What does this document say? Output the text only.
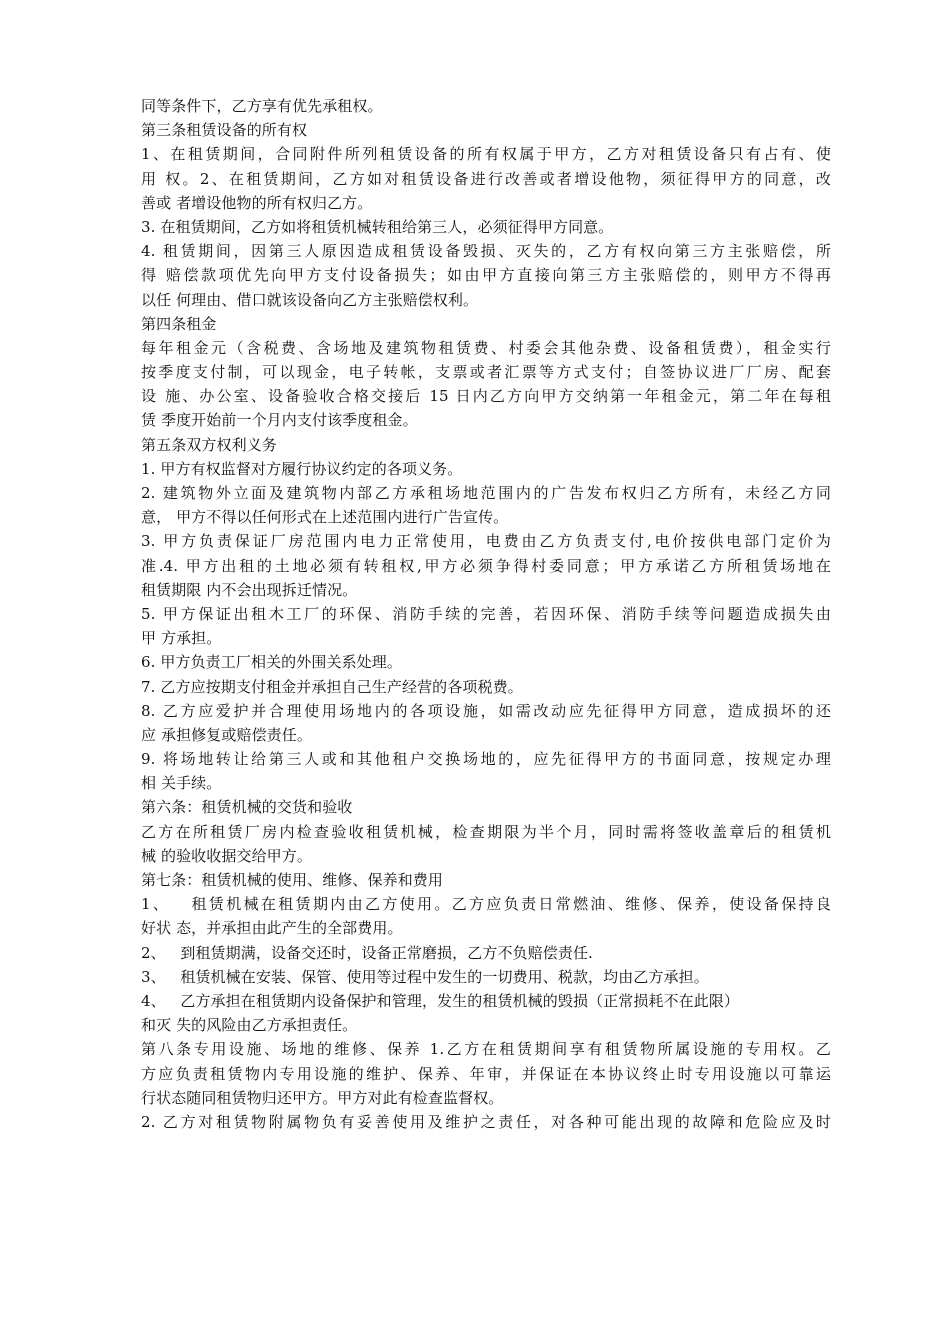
同等条件下，乙方享有优先承租权。
第三条租赁设备的所有权
1、在租赁期间，合同附件所列租赁设备的所有权属于甲方，乙方对租赁设备只有占有、使
用 权。2、在租赁期间，乙方如对租赁设备进行改善或者增设他物，须征得甲方的同意，改
善或 者增设他物的所有权归乙方。
3. 在租赁期间，乙方如将租赁机械转租给第三人，必须征得甲方同意。
4. 租赁期间，因第三人原因造成租赁设备毁损、灭失的，乙方有权向第三方主张赔偿，所
得 赔偿款项优先向甲方支付设备损失；如由甲方直接向第三方主张赔偿的，则甲方不得再
以任 何理由、借口就该设备向乙方主张赔偿权利。
第四条租金
每年租金元（含税费、含场地及建筑物租赁费、村委会其他杂费、设备租赁费），租金实行
按季度支付制，可以现金，电子转帐，支票或者汇票等方式支付；自签协议进厂厂房、配套
设 施、办公室、设备验收合格交接后 15 日内乙方向甲方交纳第一年租金元，第二年在每租
赁 季度开始前一个月内支付该季度租金。
第五条双方权利义务
1. 甲方有权监督对方履行协议约定的各项义务。
2. 建筑物外立面及建筑物内部乙方承租场地范围内的广告发布权归乙方所有，未经乙方同
意， 甲方不得以任何形式在上述范围内进行广告宣传。
3. 甲方负责保证厂房范围内电力正常使用，电费由乙方负责支付,电价按供电部门定价为
准.4. 甲方出租的土地必须有转租权,甲方必须争得村委同意；甲方承诺乙方所租赁场地在
租赁期限 内不会出现拆迁情况。
5. 甲方保证出租木工厂的环保、消防手续的完善，若因环保、消防手续等问题造成损失由
甲 方承担。
6. 甲方负责工厂相关的外围关系处理。
7. 乙方应按期支付租金并承担自己生产经营的各项税费。
8. 乙方应爱护并合理使用场地内的各项设施，如需改动应先征得甲方同意，造成损坏的还
应 承担修复或赔偿责任。
9. 将场地转让给第三人或和其他租户交换场地的，应先征得甲方的书面同意，按规定办理
相 关手续。
第六条：租赁机械的交货和验收
乙方在所租赁厂房内检查验收租赁机械，检查期限为半个月，同时需将签收盖章后的租赁机
械 的验收收据交给甲方。
第七条：租赁机械的使用、维修、保养和费用
1、   租赁机械在租赁期内由乙方使用。乙方应负责日常燃油、维修、保养，使设备保持良
好状 态，并承担由此产生的全部费用。
2、   到租赁期满，设备交还时，设备正常磨损，乙方不负赔偿责任.
3、   租赁机械在安装、保管、使用等过程中发生的一切费用、税款，均由乙方承担。
4、   乙方承担在租赁期内设备保护和管理，发生的租赁机械的毁损（正常损耗不在此限）
和灭 失的风险由乙方承担责任。
第八条专用设施、场地的维修、保养 1.乙方在租赁期间享有租赁物所属设施的专用权。乙
方应负责租赁物内专用设施的维护、保养、年审，并保证在本协议终止时专用设施以可靠运
行状态随同租赁物归还甲方。甲方对此有检查监督权。
2. 乙方对租赁物附属物负有妥善使用及维护之责任，对各种可能出现的故障和危险应及时
